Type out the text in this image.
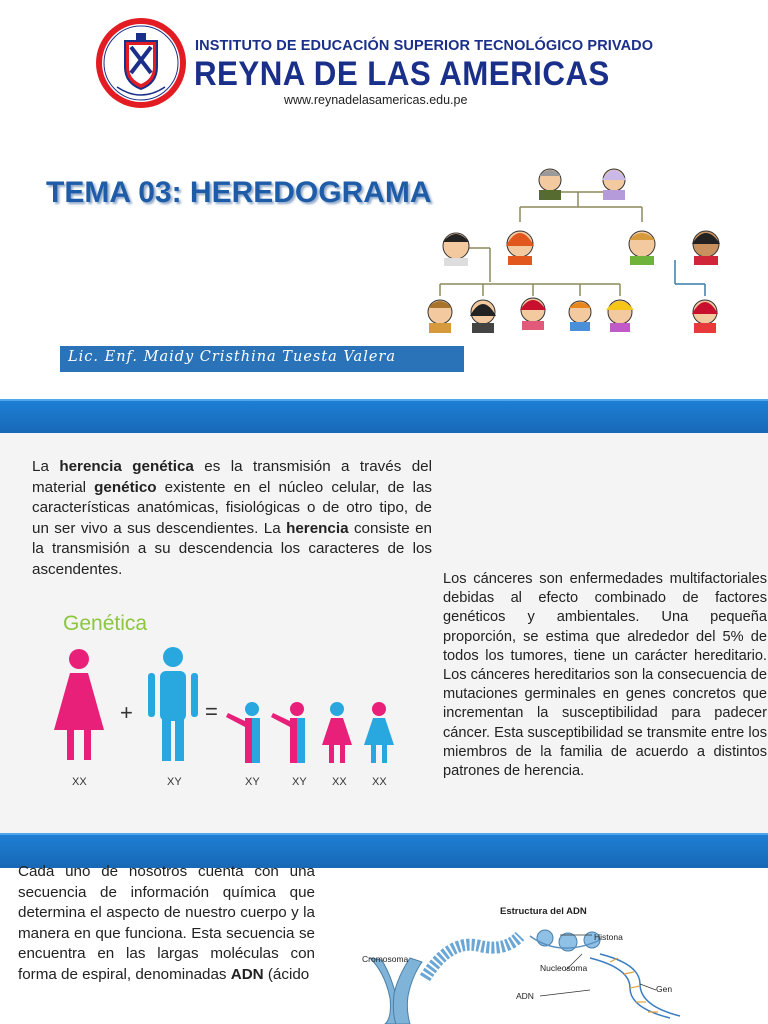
INSTITUTO DE EDUCACIÓN SUPERIOR TECNOLÓGICO PRIVADO
REYNA DE LAS AMERICAS
www.reynadelasamericas.edu.pe
TEMA 03: HEREDOGRAMA
Lic. Enf. Maidy Cristhina Tuesta Valera
La herencia genética es la transmisión a través del material genético existente en el núcleo celular, de las características anatómicas, fisiológicas o de otro tipo, de un ser vivo a sus descendientes. La herencia consiste en la transmisión a su descendencia los caracteres de los ascendentes.
Genética
+	=
XX	XY	XY	XY XX XX
Los cánceres son enfermedades multifactoriales debidas al efecto combinado de factores genéticos y ambientales. Una pequeña proporción, se estima que alrededor del 5% de todos los tumores, tiene un carácter hereditario. Los cánceres hereditarios son la consecuencia de mutaciones germinales en genes concretos que incrementan la susceptibilidad para padecer cáncer. Esta susceptibilidad se transmite entre los miembros de la familia de acuerdo a distintos patrones de herencia.
Cada uno de nosotros cuenta con una secuencia de información química que determina el aspecto de nuestro cuerpo y la manera en que funciona. Esta secuencia se encuentra en las largas moléculas con forma de espiral, denominadas ADN (ácido
Estructura del ADN
Cromosoma
Histona
Nucleosoma
ADN
Gen
